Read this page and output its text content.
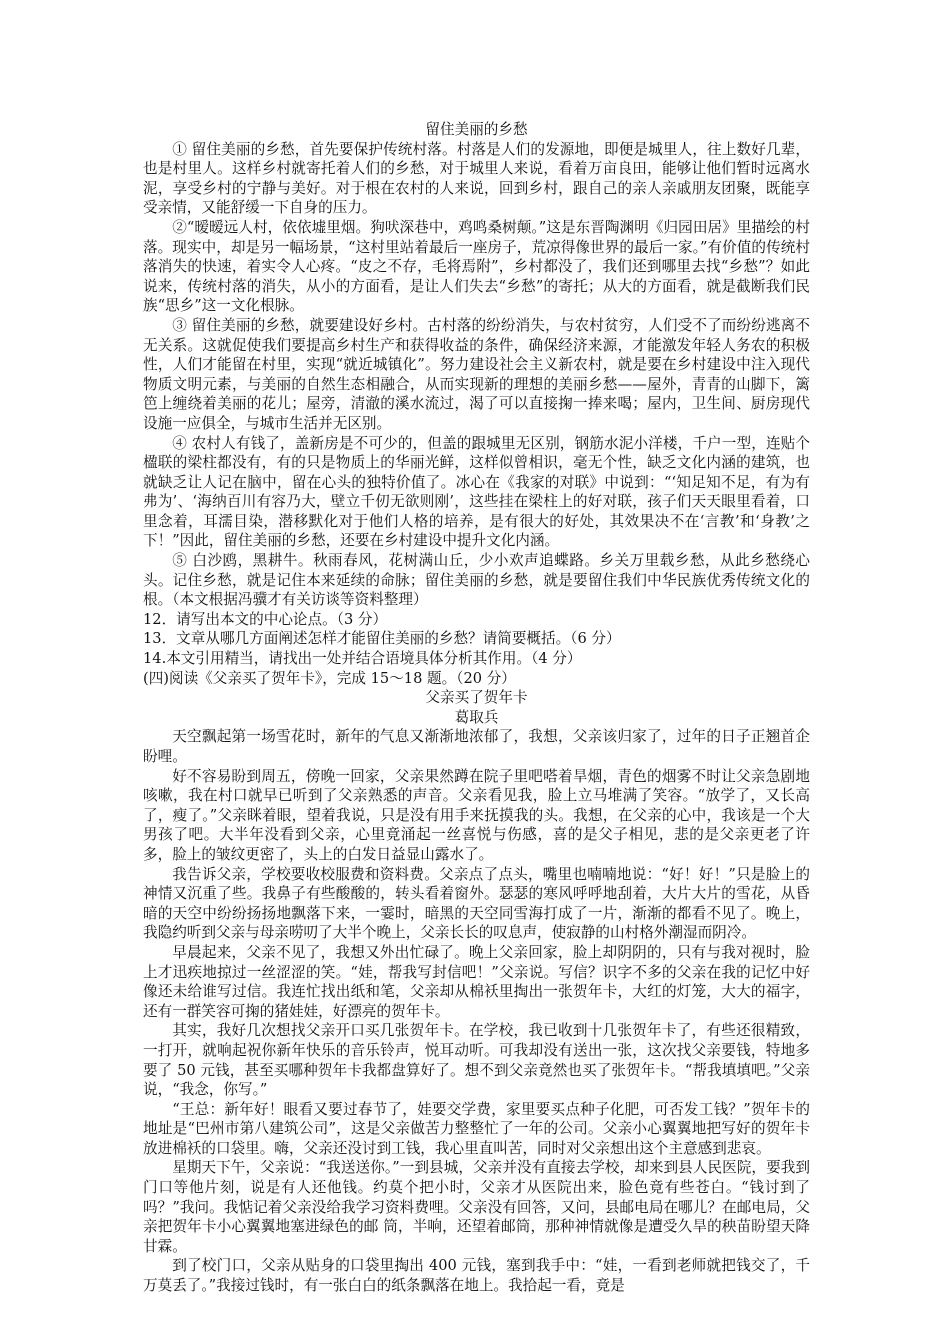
留住美丽的乡愁

① 留住美丽的乡愁，首先要保护传统村落。村落是人们的发源地，即便是城里人，往上数好几辈，也是村里人。这样乡村就寄托着人们的乡愁，对于城里人来说，看着万亩良田，能够让他们暂时远离水泥，享受乡村的宁静与美好。对于根在农村的人来说，回到乡村，跟自己的亲人亲戚朋友团聚，既能享受亲情，又能舒缓一下自身的压力。

②“暧暧远人村，依依墟里烟。狗吠深巷中，鸡鸣桑树颠。”这是东晋陶渊明《归园田居》里描绘的村落。现实中，却是另一幅场景，“这村里站着最后一座房子，荒凉得像世界的最后一家。”有价值的传统村落消失的快速，着实令人心疼。“皮之不存，毛将焉附”，乡村都没了，我们还到哪里去找“乡愁”？如此说来，传统村落的消失，从小的方面看，是让人们失去“乡愁”的寄托；从大的方面看，就是截断我们民族“思乡”这一文化根脉。

③ 留住美丽的乡愁，就要建设好乡村。古村落的纷纷消失，与农村贫穷，人们受不了而纷纷逃离不无关系。这就促使我们要提高乡村生产和获得收益的条件，确保经济来源，才能激发年轻人务农的积极性，人们才能留在村里，实现“就近城镇化”。努力建设社会主义新农村，就是要在乡村建设中注入现代物质文明元素，与美丽的自然生态相融合，从而实现新的理想的美丽乡愁——屋外，青青的山脚下，篱笆上缠绕着美丽的花儿；屋旁，清澈的溪水流过，渴了可以直接掬一捧来喝；屋内，卫生间、厨房现代设施一应俱全，与城市生活并无区别。

④ 农村人有钱了，盖新房是不可少的，但盖的跟城里无区别，钢筋水泥小洋楼，千户一型，连贴个楹联的梁柱都没有，有的只是物质上的华丽光鲜，这样似曾相识，毫无个性，缺乏文化内涵的建筑，也就缺乏让人记在脑中，留在心头的独特价值了。冰心在《我家的对联》中说到：“‘知足知不足，有为有弗为’、‘海纳百川有容乃大，壁立千仞无欲则刚’，这些挂在梁柱上的好对联，孩子们天天眼里看着，口里念着，耳濡目染，潜移默化对于他们人格的培养，是有很大的好处，其效果决不在‘言教’和‘身教’之下！”因此，留住美丽的乡愁，还要在乡村建设中提升文化内涵。

⑤ 白沙鸥，黑耕牛。秋雨春风，花树满山丘，少小欢声追蝶路。乡关万里载乡愁，从此乡愁绕心头。记住乡愁，就是记住本来延续的命脉；留住美丽的乡愁，就是要留住我们中华民族优秀传统文化的根。（本文根据冯骥才有关访谈等资料整理）

12．请写出本文的中心论点。（3 分）

13．文章从哪几方面阐述怎样才能留住美丽的乡愁？请简要概括。（6 分）

14.本文引用精当，请找出一处并结合语境具体分析其作用。（4 分）

(四)阅读《父亲买了贺年卡》，完成 15～18 题。（20 分）

父亲买了贺年卡

葛取兵

天空飘起第一场雪花时，新年的气息又渐渐地浓郁了，我想，父亲该归家了，过年的日子正翘首企盼哩。

好不容易盼到周五，傍晚一回家，父亲果然蹲在院子里吧嗒着旱烟，青色的烟雾不时让父亲急剧地咳嗽，我在村口就早已听到了父亲熟悉的声音。父亲看见我，脸上立马堆满了笑容。“放学了，又长高了，瘦了。”父亲眯着眼，望着我说，只是没有用手来抚摸我的头。我想，在父亲的心中，我该是一个大男孩了吧。大半年没看到父亲，心里竟涌起一丝喜悦与伤感，喜的是父子相见，悲的是父亲更老了许多，脸上的皱纹更密了，头上的白发日益显山露水了。

我告诉父亲，学校要收校服费和资料费。父亲点了点头，嘴里也喃喃地说：“好！好！”只是脸上的神情又沉重了些。我鼻子有些酸酸的，转头看着窗外。瑟瑟的寒风呼呼地刮着，大片大片的雪花，从昏暗的天空中纷纷扬扬地飘落下来，一霎时，暗黑的天空同雪海打成了一片，渐渐的都看不见了。晚上，我隐约听到父亲与母亲唠叨了大半个晚上，父亲长长的叹息声，使寂静的山村格外潮湿而阴冷。

早晨起来，父亲不见了，我想又外出忙碌了。晚上父亲回家，脸上却阴阴的，只有与我对视时，脸上才迅疾地掠过一丝涩涩的笑。“娃，帮我写封信吧！”父亲说。写信？识字不多的父亲在我的记忆中好像还未给谁写过信。我连忙找出纸和笔，父亲却从棉袄里掏出一张贺年卡，大红的灯笼，大大的福字，还有一群笑容可掬的猪娃娃，好漂亮的贺年卡。

其实，我好几次想找父亲开口买几张贺年卡。在学校，我已收到十几张贺年卡了，有些还很精致，一打开，就响起祝你新年快乐的音乐铃声，悦耳动听。可我却没有送出一张，这次找父亲要钱，特地多要了 50 元钱，甚至买哪种贺年卡我都盘算好了。想不到父亲竟然也买了张贺年卡。“帮我填填吧。”父亲说，“我念，你写。”

“王总：新年好！眼看又要过春节了，娃要交学费，家里要买点种子化肥，可否发工钱？”贺年卡的地址是“巴州市第八建筑公司”，这是父亲做苦力整整忙了一年的公司。父亲小心翼翼地把写好的贺年卡放进棉袄的口袋里。嗨，父亲还没讨到工钱，我心里直叫苦，同时对父亲想出这个主意感到悲哀。

星期天下午，父亲说：“我送送你。”一到县城，父亲并没有直接去学校，却来到县人民医院，要我到门口等他片刻，说是有人还他钱。约莫个把小时，父亲才从医院出来，脸色竟有些苍白。“钱讨到了吗？”我问。我惦记着父亲没给我学习资料费哩。父亲没有回答，又问，县邮电局在哪儿？在邮电局，父亲把贺年卡小心翼翼地塞进绿色的邮 筒，半响，还望着邮筒，那种神情就像是遭受久旱的秧苗盼望天降甘霖。

到了校门口，父亲从贴身的口袋里掏出 400 元钱，塞到我手中：“娃，一看到老师就把钱交了，千万莫丢了。”我接过钱时，有一张白白的纸条飘落在地上。我拾起一看，竟是
